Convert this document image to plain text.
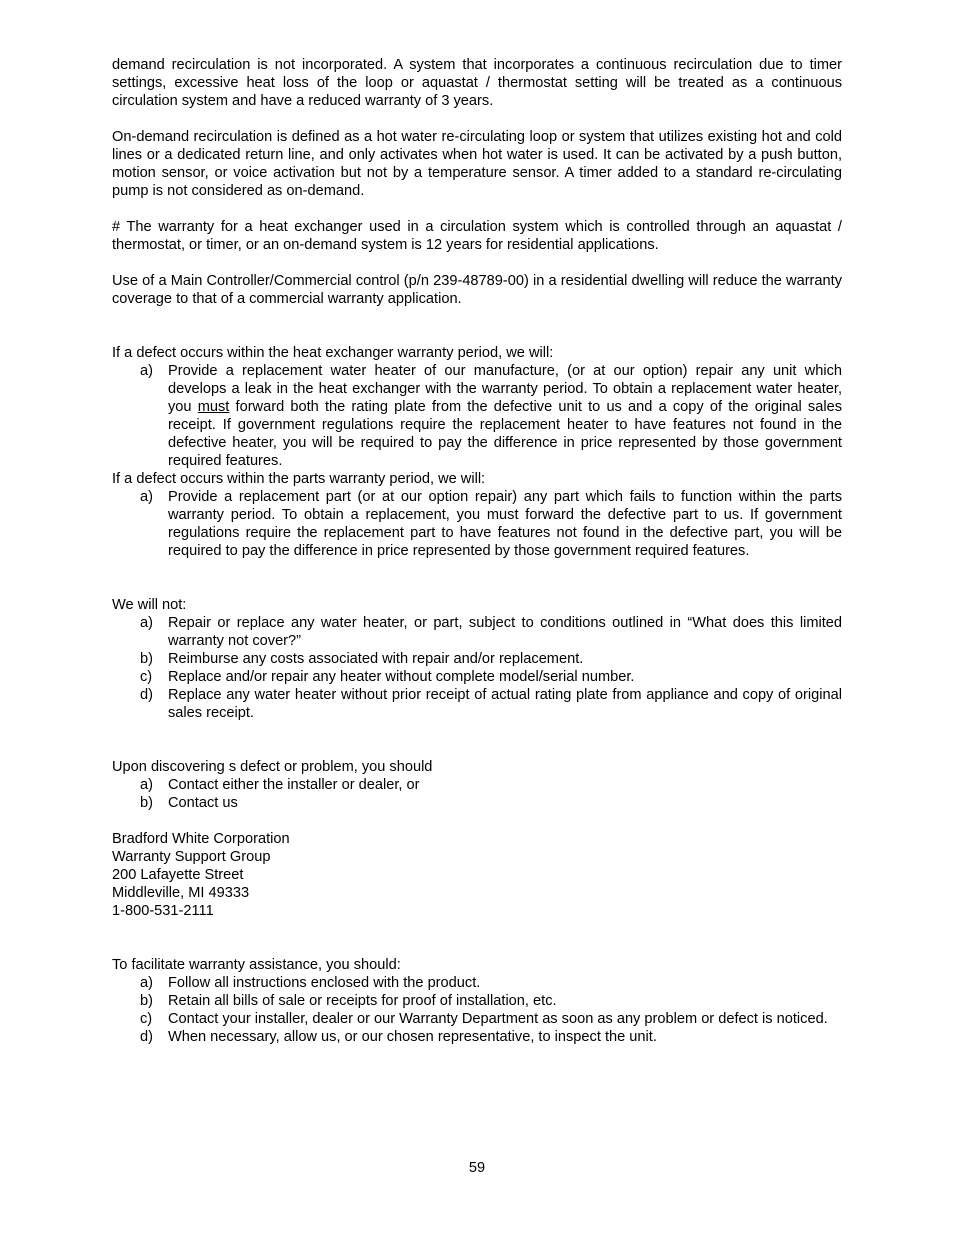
demand recirculation is not incorporated. A system that incorporates a continuous recirculation due to timer settings, excessive heat loss of the loop or aquastat / thermostat setting will be treated as a continuous circulation system and have a reduced warranty of 3 years.

On-demand recirculation is defined as a hot water re-circulating loop or system that utilizes existing hot and cold lines or a dedicated return line, and only activates when hot water is used. It can be activated by a push button, motion sensor, or voice activation but not by a temperature sensor. A timer added to a standard re-circulating pump is not considered as on-demand.

# The warranty for a heat exchanger used in a circulation system which is controlled through an aquastat / thermostat, or timer, or an on-demand system is 12 years for residential applications.

Use of a Main Controller/Commercial control (p/n 239-48789-00) in a residential dwelling will reduce the warranty coverage to that of a commercial warranty application.

If a defect occurs within the heat exchanger warranty period, we will:

a) Provide a replacement water heater of our manufacture, (or at our option) repair any unit which develops a leak in the heat exchanger with the warranty period. To obtain a replacement water heater, you must forward both the rating plate from the defective unit to us and a copy of the original sales receipt. If government regulations require the replacement heater to have features not found in the defective heater, you will be required to pay the difference in price represented by those government required features.

If a defect occurs within the parts warranty period, we will:

a) Provide a replacement part (or at our option repair) any part which fails to function within the parts warranty period. To obtain a replacement, you must forward the defective part to us. If government regulations require the replacement part to have features not found in the defective part, you will be required to pay the difference in price represented by those government required features.

We will not:

a) Repair or replace any water heater, or part, subject to conditions outlined in “What does this limited warranty not cover?”
b) Reimburse any costs associated with repair and/or replacement.
c) Replace and/or repair any heater without complete model/serial number.
d) Replace any water heater without prior receipt of actual rating plate from appliance and copy of original sales receipt.

Upon discovering s defect or problem, you should

a) Contact either the installer or dealer, or
b) Contact us
Bradford White Corporation
Warranty Support Group
200 Lafayette Street
Middleville, MI 49333
1-800-531-2111

To facilitate warranty assistance, you should:

a) Follow all instructions enclosed with the product.
b) Retain all bills of sale or receipts for proof of installation, etc.
c) Contact your installer, dealer or our Warranty Department as soon as any problem or defect is noticed.
d) When necessary, allow us, or our chosen representative, to inspect the unit.
59
